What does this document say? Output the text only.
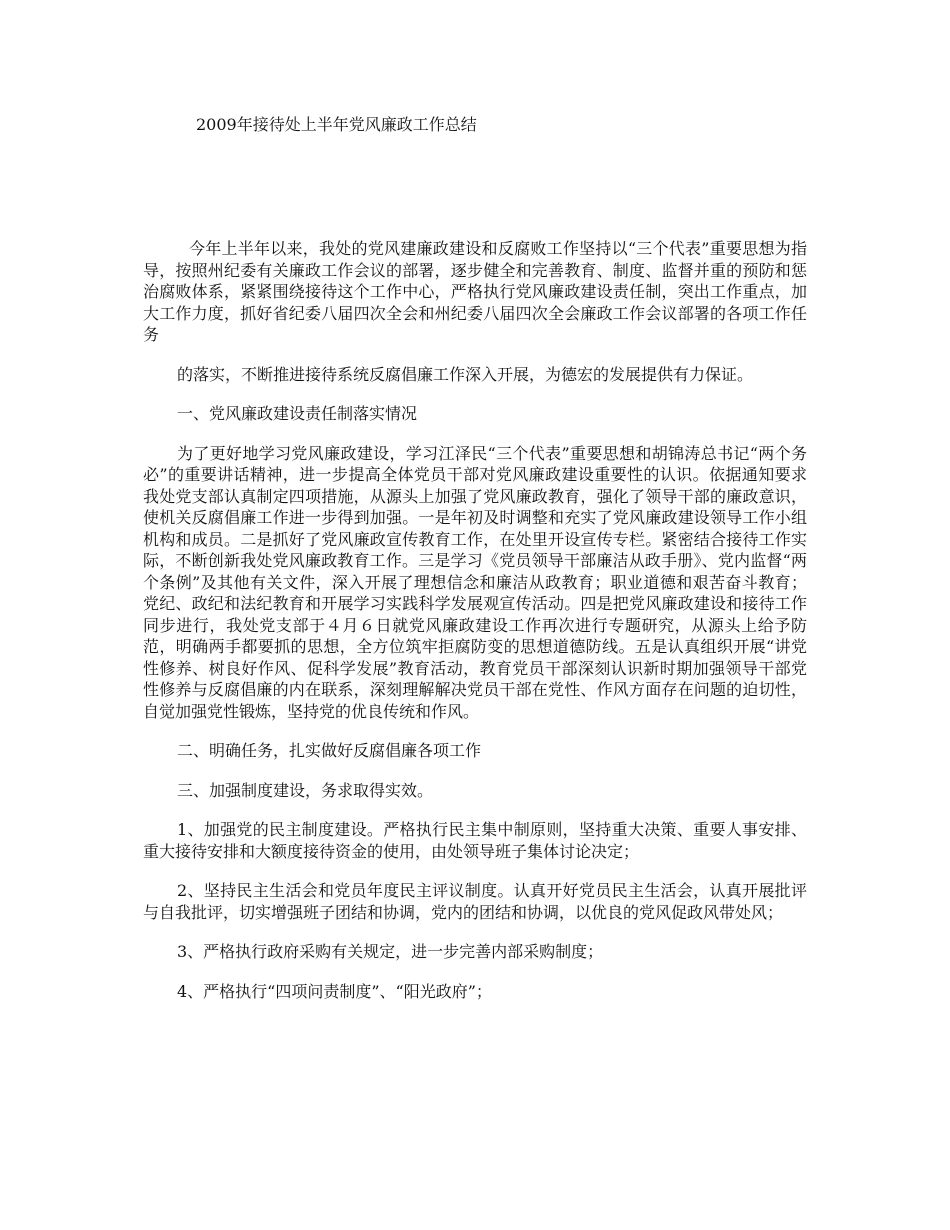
2009年接待处上半年党风廉政工作总结

今年上半年以来，我处的党风建廉政建设和反腐败工作坚持以“三个代表”重要思想为指导，按照州纪委有关廉政工作会议的部署，逐步健全和完善教育、制度、监督并重的预防和惩治腐败体系，紧紧围绕接待这个工作中心，严格执行党风廉政建设责任制，突出工作重点，加大工作力度，抓好省纪委八届四次全会和州纪委八届四次全会廉政工作会议部署的各项工作任务

的落实，不断推进接待系统反腐倡廉工作深入开展，为德宏的发展提供有力保证。

一、党风廉政建设责任制落实情况

为了更好地学习党风廉政建设，学习江泽民“三个代表”重要思想和胡锦涛总书记“两个务必”的重要讲话精神，进一步提高全体党员干部对党风廉政建设重要性的认识。依据通知要求我处党支部认真制定四项措施，从源头上加强了党风廉政教育，强化了领导干部的廉政意识，使机关反腐倡廉工作进一步得到加强。一是年初及时调整和充实了党风廉政建设领导工作小组机构和成员。二是抓好了党风廉政宣传教育工作，在处里开设宣传专栏。紧密结合接待工作实际，不断创新我处党风廉政教育工作。三是学习《党员领导干部廉洁从政手册》、党内监督“两个条例”及其他有关文件，深入开展了理想信念和廉洁从政教育；职业道德和艰苦奋斗教育；党纪、政纪和法纪教育和开展学习实践科学发展观宣传活动。四是把党风廉政建设和接待工作同步进行，我处党支部于４月６日就党风廉政建设工作再次进行专题研究，从源头上给予防范，明确两手都要抓的思想，全方位筑牢拒腐防变的思想道德防线。五是认真组织开展“讲党性修养、树良好作风、促科学发展”教育活动，教育党员干部深刻认识新时期加强领导干部党性修养与反腐倡廉的内在联系，深刻理解解决党员干部在党性、作风方面存在问题的迫切性，自觉加强党性锻炼，坚持党的优良传统和作风。

二、明确任务，扎实做好反腐倡廉各项工作

三、加强制度建设，务求取得实效。

1、加强党的民主制度建设。严格执行民主集中制原则，坚持重大决策、重要人事安排、重大接待安排和大额度接待资金的使用，由处领导班子集体讨论决定；

2、坚持民主生活会和党员年度民主评议制度。认真开好党员民主生活会，认真开展批评与自我批评，切实增强班子团结和协调，党内的团结和协调，以优良的党风促政风带处风；

3、严格执行政府采购有关规定，进一步完善内部采购制度；

4、严格执行“四项问责制度”、“阳光政府”；
